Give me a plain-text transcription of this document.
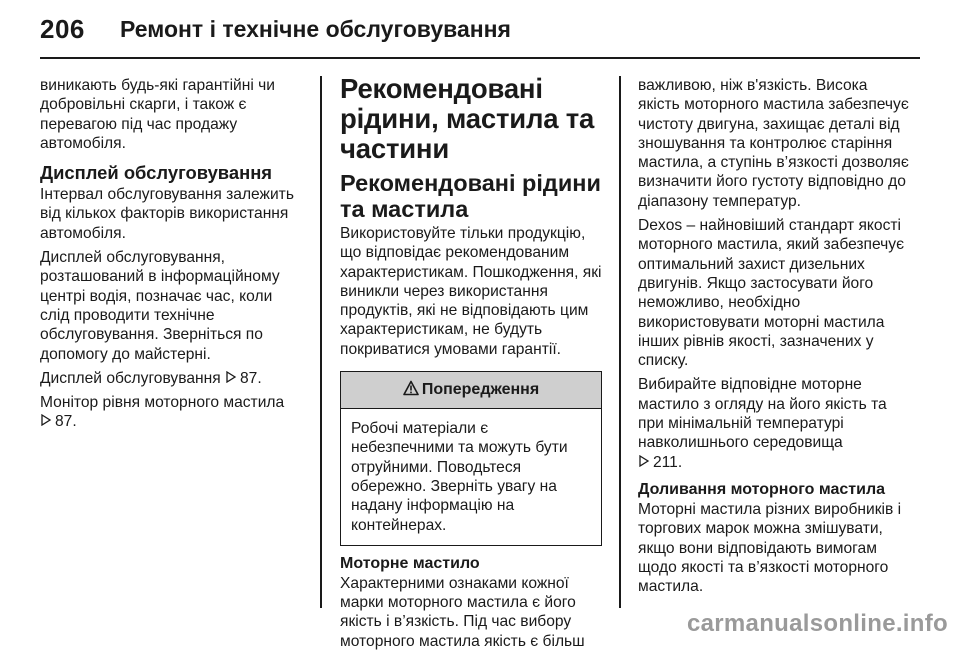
206 Ремонт і технічне обслуговування

виникають будь-які гарантійні чи добровільні скарги, і також є перевагою під час продажу автомобіля.

Дисплей обслуговування

Інтервал обслуговування залежить від кількох факторів використання автомобіля.

Дисплей обслуговування, розташований в інформаційному центрі водія, позначає час, коли слід проводити технічне обслуговування. Зверніться по допомогу до майстерні.

Дисплей обслуговування 87.

Монітор рівня моторного мастила
87.

Рекомендовані рідини, мастила та частини
Рекомендовані рідини та мастила

Використовуйте тільки продукцію, що відповідає рекомендованим характеристикам. Пошкодження, які виникли через використання продуктів, які не відповідають цим характеристикам, не будуть покриватися умовами гарантії.

Попередження
Робочі матеріали є небезпечними та можуть бути отруйними. Поводьтеся обережно. Зверніть увагу на надану інформацію на контейнерах.
Моторне мастило

Характерними ознаками кожної марки моторного мастила є його якість і в’язкість. Під час вибору моторного мастила якість є більш

важливою, ніж в'язкість. Висока якість моторного мастила забезпечує чистоту двигуна, захищає деталі від зношування та контролює старіння мастила, а ступінь в’язкості дозволяє визначити його густоту відповідно до діапазону температур.

Dexos – найновіший стандарт якості моторного мастила, який забезпечує оптимальний захист дизельних двигунів. Якщо застосувати його неможливо, необхідно використовувати моторні мастила інших рівнів якості, зазначених у списку.

Вибирайте відповідне моторне мастило з огляду на його якість та при мінімальній температурі навколишнього середовища
211.

Доливання моторного мастила

Моторні мастила різних виробників і торгових марок можна змішувати, якщо вони відповідають вимогам щодо якості та в’язкості моторного мастила.

carmanualsonline.info
